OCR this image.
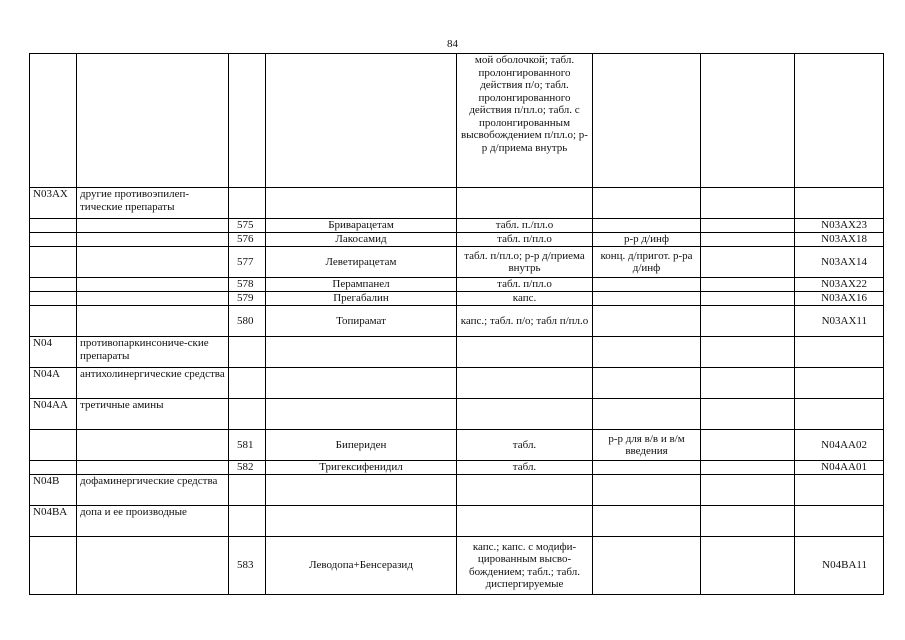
84
				мой оболочкой; табл. пролонгированного действия п/о; табл. пролонгированного действия п/пл.о; табл. с пролонгированным высвобождением п/пл.о; р-р д/приема внутрь			
N03AX	другие противоэпилеп-тические препараты						
		575	Бриварацетам	табл. п./пл.о			N03AX23
		576	Лакосамид	табл. п/пл.о	р-р д/инф		N03AX18
		577	Леветирацетам	табл. п/пл.о; р-р д/приема внутрь	конц. д/пригот. р-ра д/инф		N03AX14
		578	Перампанел	табл. п/пл.о			N03AX22
		579	Прегабалин	капс.			N03AX16
		580	Топирамат	капс.; табл. п/о; табл п/пл.о			N03AX11
N04	противопаркинсониче-ские препараты						
N04A	антихолинергические средства						
N04AA	третичные амины						
		581	Бипериден	табл.	р-р для в/в и в/м введения		N04AA02
		582	Тригексифенидил	табл.			N04AA01
N04B	дофаминергические средства						
N04BA	допа и ее производные						
		583	Леводопа+Бенсеразид	капс.; капс. с модифи-цированным высво-бождением; табл.; табл. диспергируемые			N04BA11
